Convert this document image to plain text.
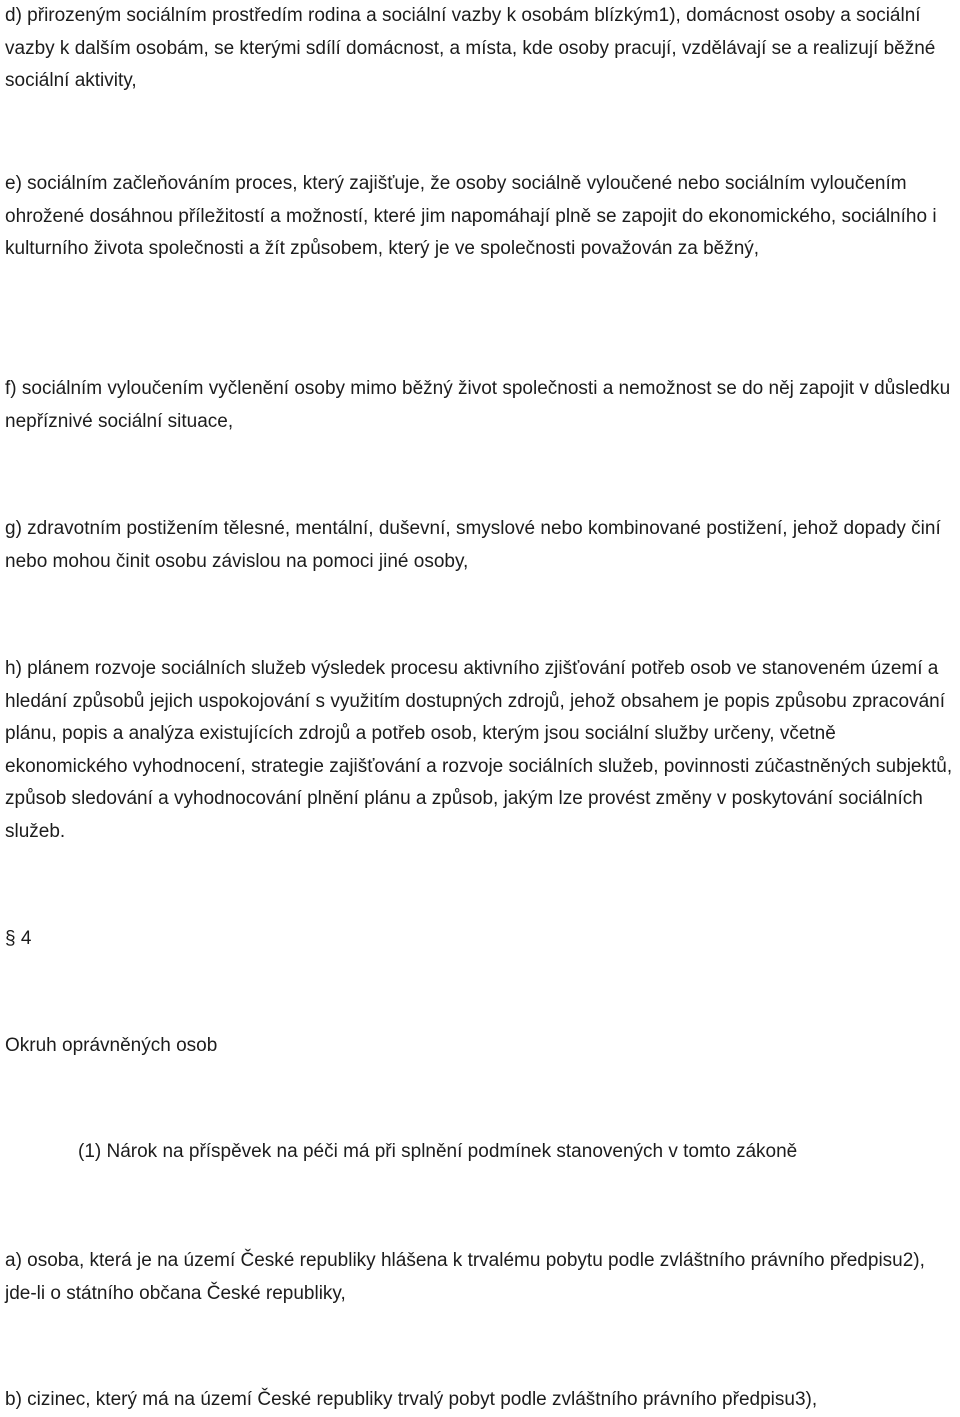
d) přirozeným sociálním prostředím rodina a sociální vazby k osobám blízkým1), domácnost osoby a sociální vazby k dalším osobám, se kterými sdílí domácnost, a místa, kde osoby pracují, vzdělávají se a realizují běžné sociální aktivity,

e) sociálním začleňováním proces, který zajišťuje, že osoby sociálně vyloučené nebo sociálním vyloučením ohrožené dosáhnou příležitostí a možností, které jim napomáhají plně se zapojit do ekonomického, sociálního i kulturního života společnosti a žít způsobem, který je ve společnosti považován za běžný,

f) sociálním vyloučením vyčlenění osoby mimo běžný život společnosti a nemožnost se do něj zapojit v důsledku nepříznivé sociální situace,

g) zdravotním postižením tělesné, mentální, duševní, smyslové nebo kombinované postižení, jehož dopady činí nebo mohou činit osobu závislou na pomoci jiné osoby,

h) plánem rozvoje sociálních služeb výsledek procesu aktivního zjišťování potřeb osob ve stanoveném území a hledání způsobů jejich uspokojování s využitím dostupných zdrojů, jehož obsahem je popis způsobu zpracování plánu, popis a analýza existujících zdrojů a potřeb osob, kterým jsou sociální služby určeny, včetně ekonomického vyhodnocení, strategie zajišťování a rozvoje sociálních služeb, povinnosti zúčastněných subjektů, způsob sledování a vyhodnocování plnění plánu a způsob, jakým lze provést změny v poskytování sociálních služeb.

§ 4

Okruh oprávněných osob

(1) Nárok na příspěvek na péči má při splnění podmínek stanovených v tomto zákoně

a) osoba, která je na území České republiky hlášena k trvalému pobytu podle zvláštního právního předpisu2), jde-li o státního občana České republiky,

b) cizinec, který má na území České republiky trvalý pobyt podle zvláštního právního předpisu3),
